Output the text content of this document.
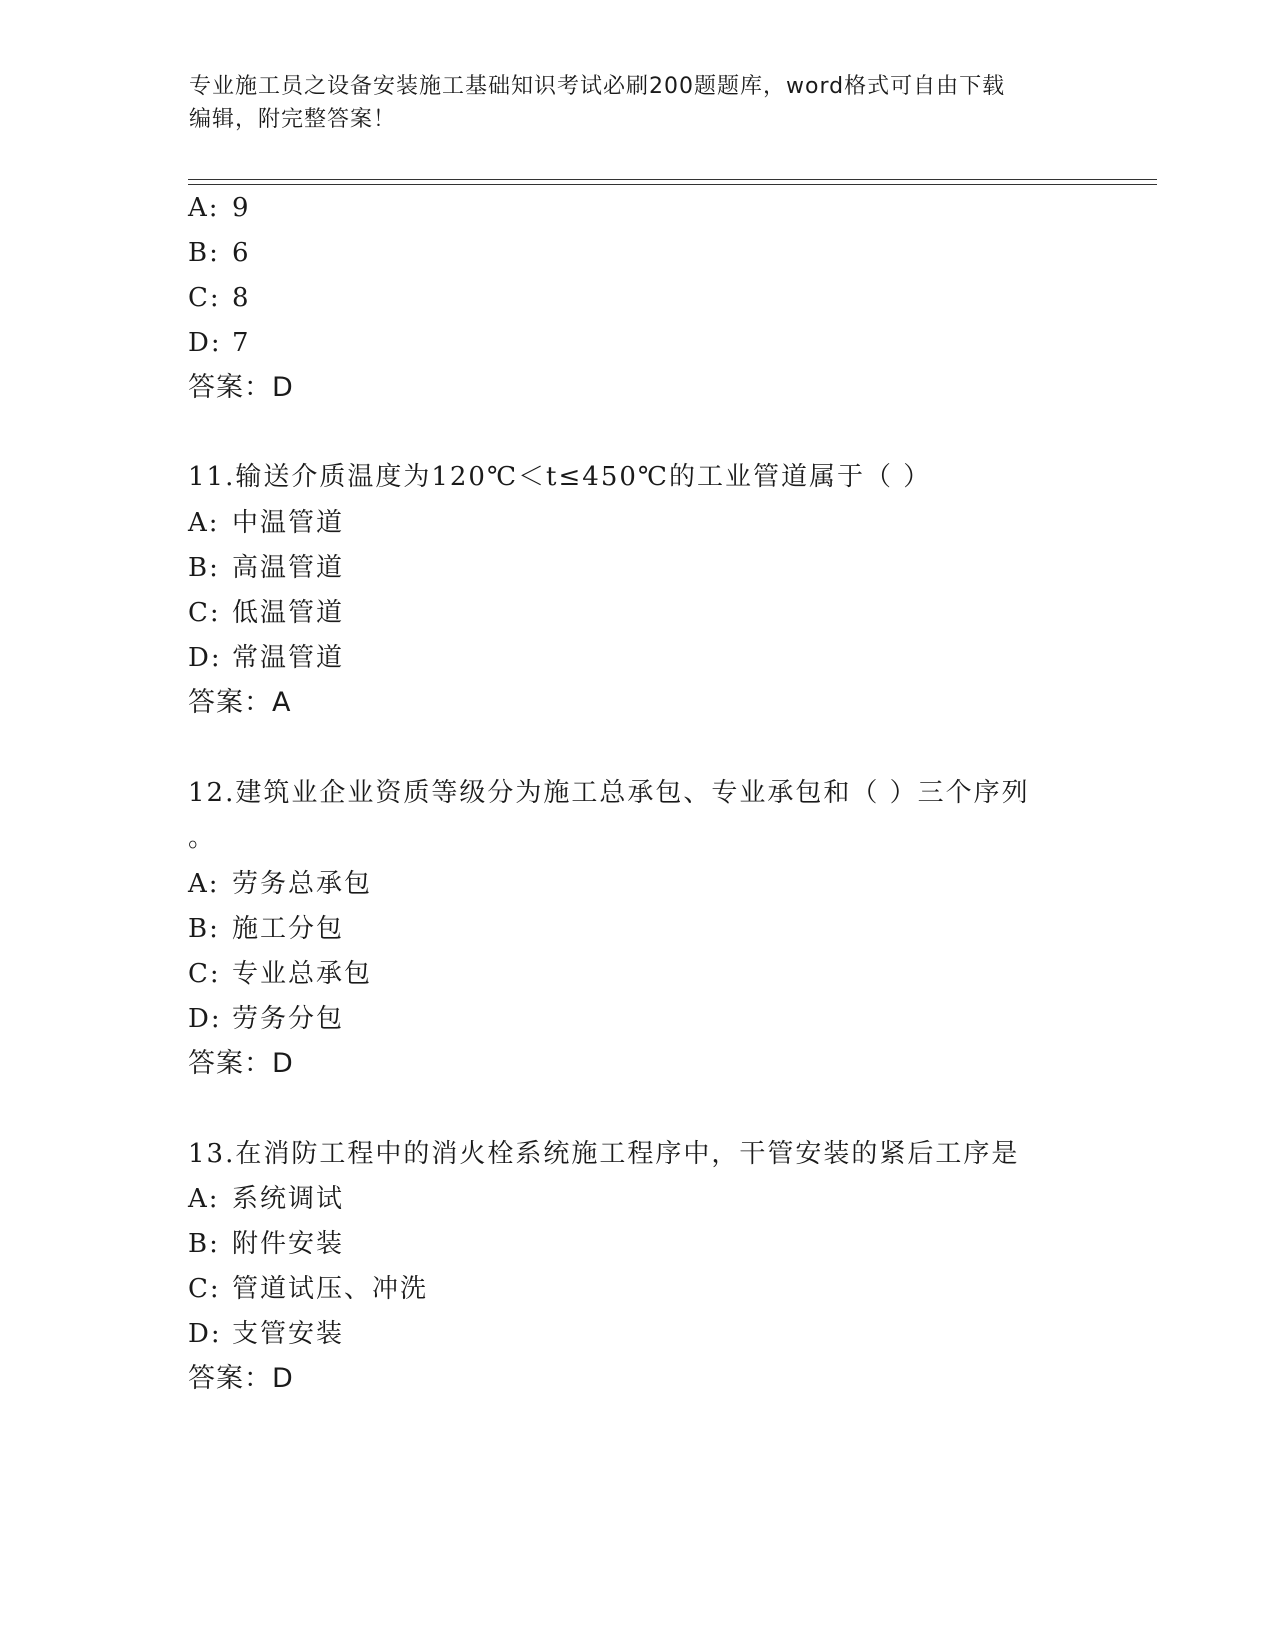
专业施工员之设备安装施工基础知识考试必刷200题题库，word格式可自由下载
编辑，附完整答案！
A: 9
B: 6
C: 8
D: 7
答案：D
11.输送介质温度为120℃＜t≤450℃的工业管道属于（ ）
A: 中温管道
B: 高温管道
C: 低温管道
D: 常温管道
答案：A
12.建筑业企业资质等级分为施工总承包、专业承包和（ ）三个序列
。
A: 劳务总承包
B: 施工分包
C: 专业总承包
D: 劳务分包
答案：D
13.在消防工程中的消火栓系统施工程序中，干管安装的紧后工序是
A: 系统调试
B: 附件安装
C: 管道试压、冲洗
D: 支管安装
答案：D
